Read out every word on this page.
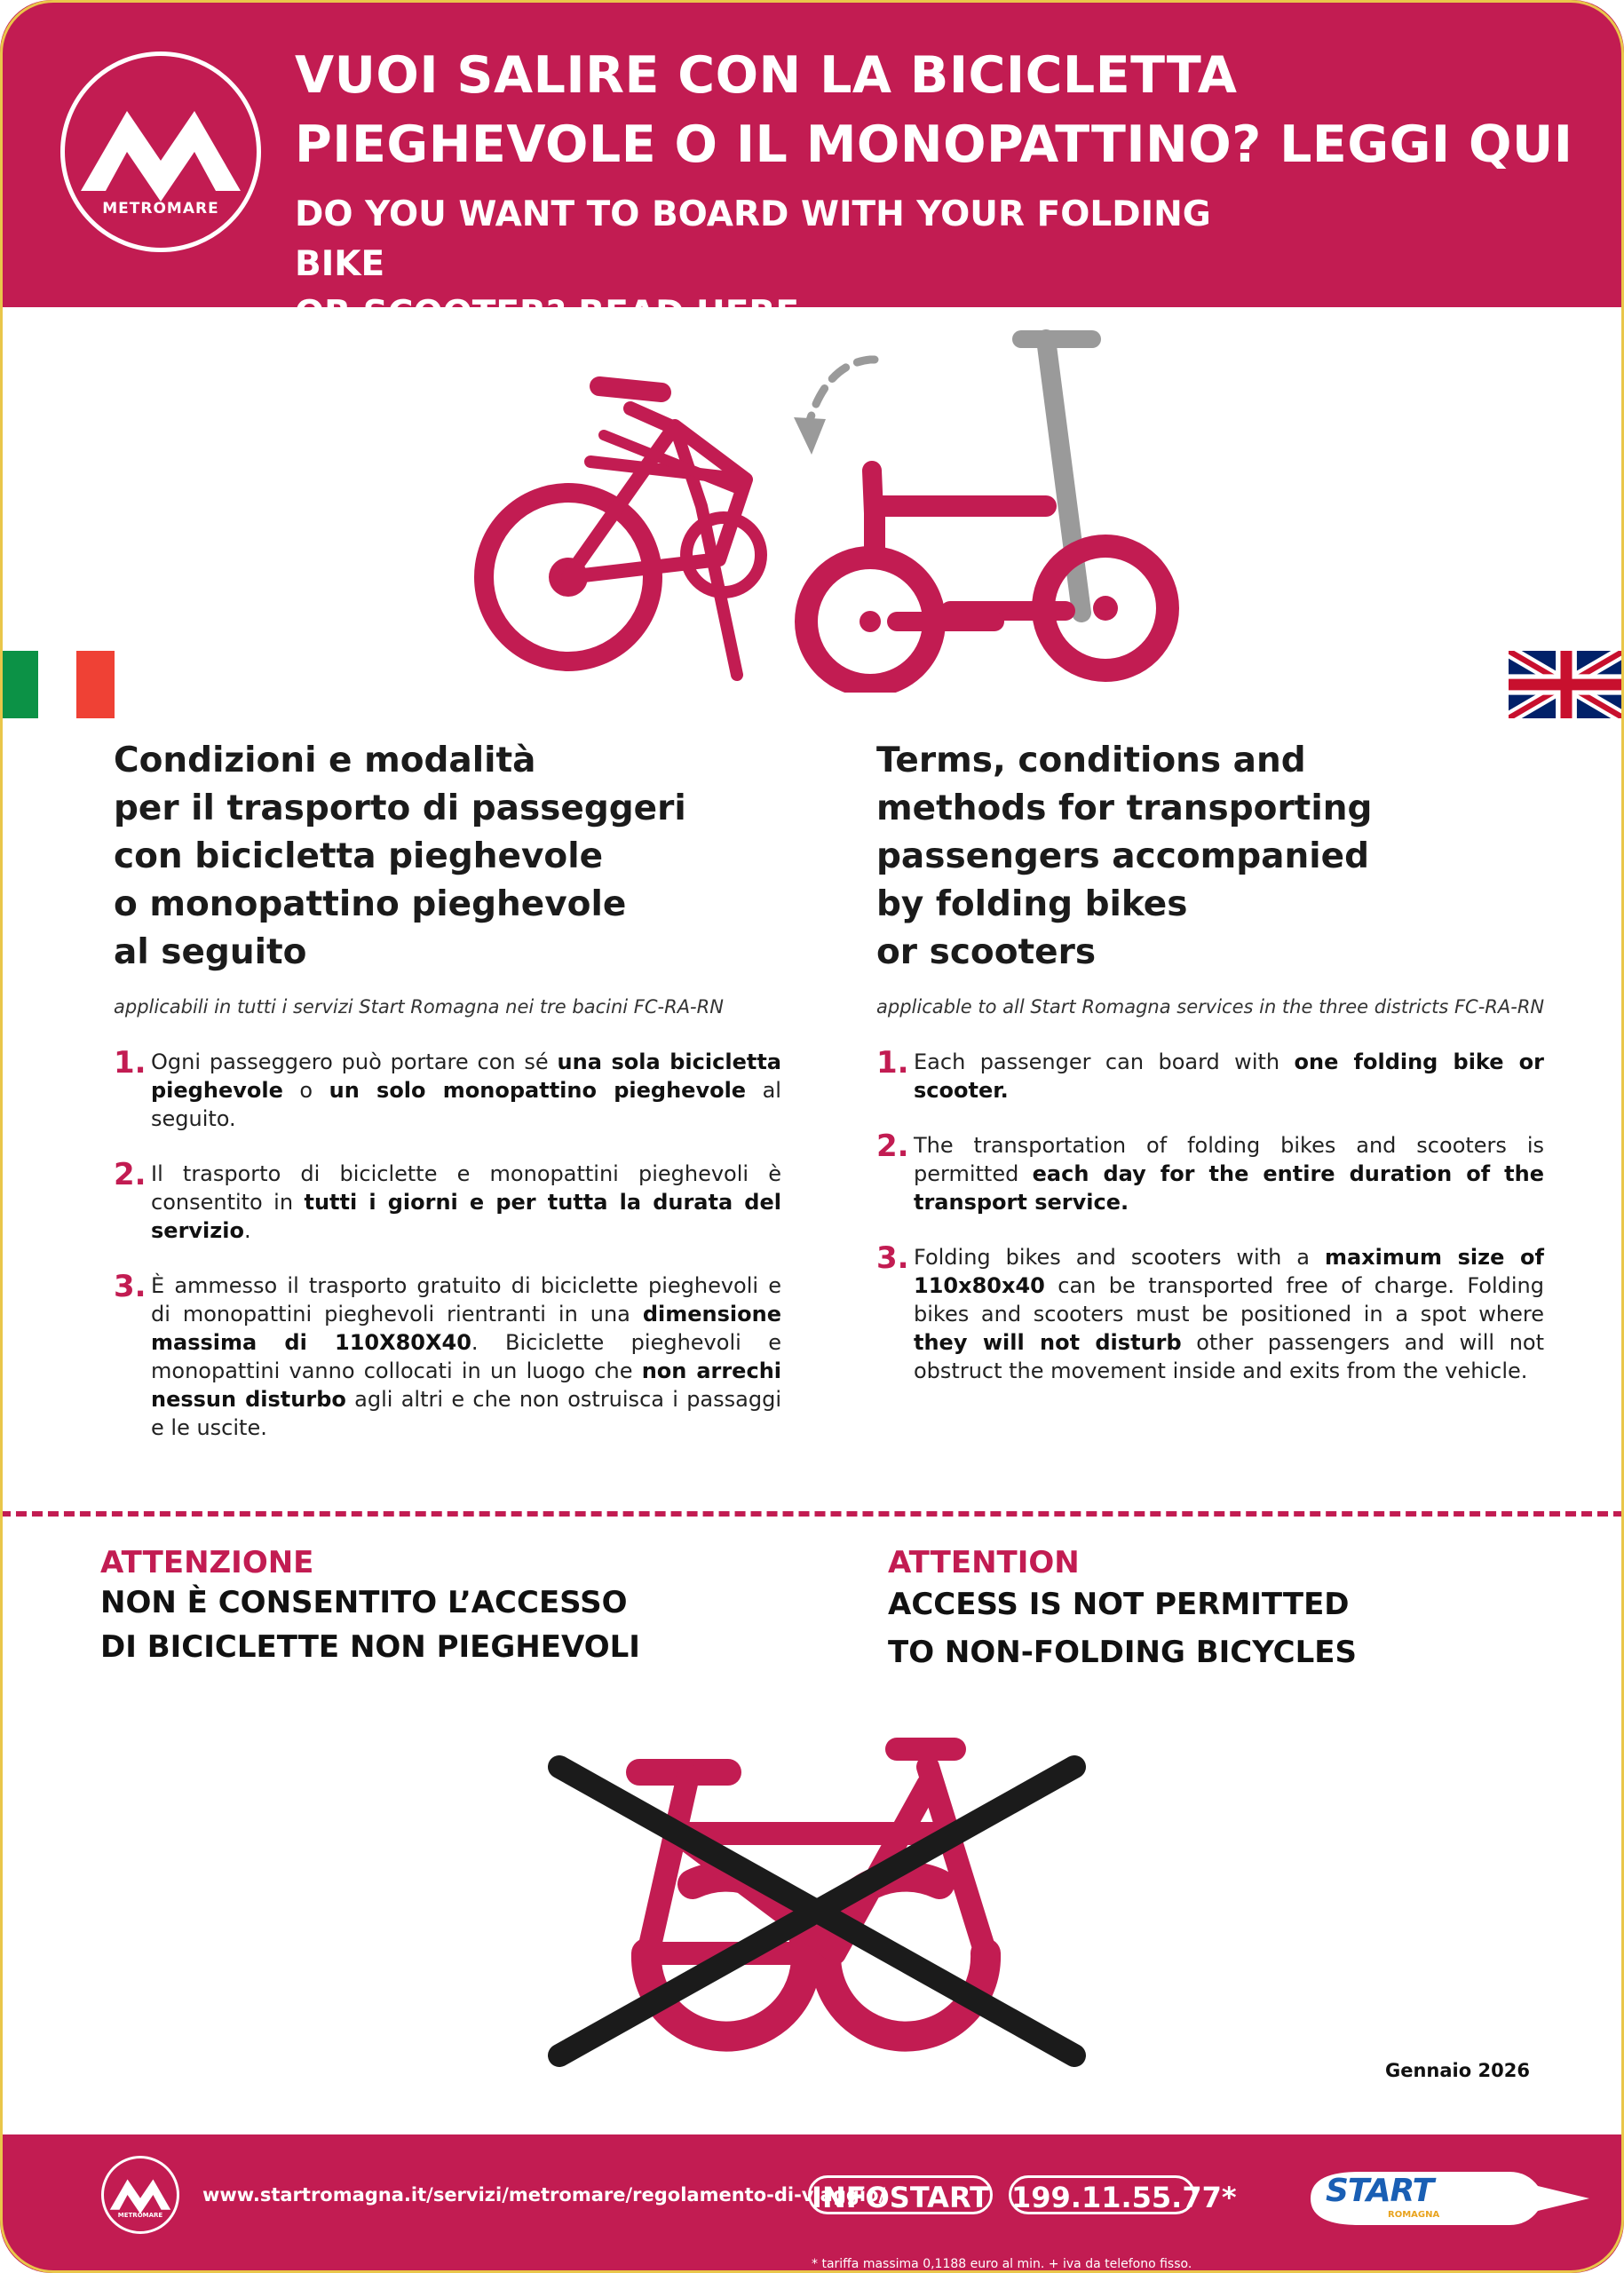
METROMARE
VUOI SALIRE CON LA BICICLETTA
PIEGHEVOLE O IL MONOPATTINO? LEGGI QUI
DO YOU WANT TO BOARD WITH YOUR FOLDING BIKE
OR SCOOTER? READ HERE
Condizioni e modalità
per il trasporto di passeggeri
con bicicletta pieghevole
o monopattino pieghevole
al seguito
applicabili in tutti i servizi Start Romagna nei tre bacini FC-RA-RN
1. Ogni passeggero può portare con sé una sola bicicletta pieghevole o un solo monopattino pieghevole al seguito.
2. Il trasporto di biciclette e monopattini pieghevoli è consentito in tutti i giorni e per tutta la durata del servizio.
3. È ammesso il trasporto gratuito di biciclette pieghevoli e di monopattini pieghevoli rientranti in una dimensione massima di 110X80X40. Biciclette pieghevoli e monopattini vanno collocati in un luogo che non arrechi nessun disturbo agli altri e che non ostruisca i passaggi e le uscite.
Terms, conditions and
methods for transporting
passengers accompanied
by folding bikes
or scooters
applicable to all Start Romagna services in the three districts FC-RA-RN
1. Each passenger can board with one folding bike or scooter.
2. The transportation of folding bikes and scooters is permitted each day for the entire duration of the transport service.
3. Folding bikes and scooters with a maximum size of 110x80x40 can be transported free of charge. Folding bikes and scooters must be positioned in a spot where they will not disturb other passengers and will not obstruct the movement inside and exits from the vehicle.
ATTENZIONE
NON È CONSENTITO L’ACCESSO
DI BICICLETTE NON PIEGHEVOLI
ATTENTION
ACCESS IS NOT PERMITTED
TO NON-FOLDING BICYCLES
Gennaio 2026
METROMARE
www.startromagna.it/servizi/metromare/regolamento-di-viaggio/
INFOSTART 199.11.55.77*
* tariffa massima 0,1188 euro al min. + iva da telefono fisso.
START
ROMAGNA
